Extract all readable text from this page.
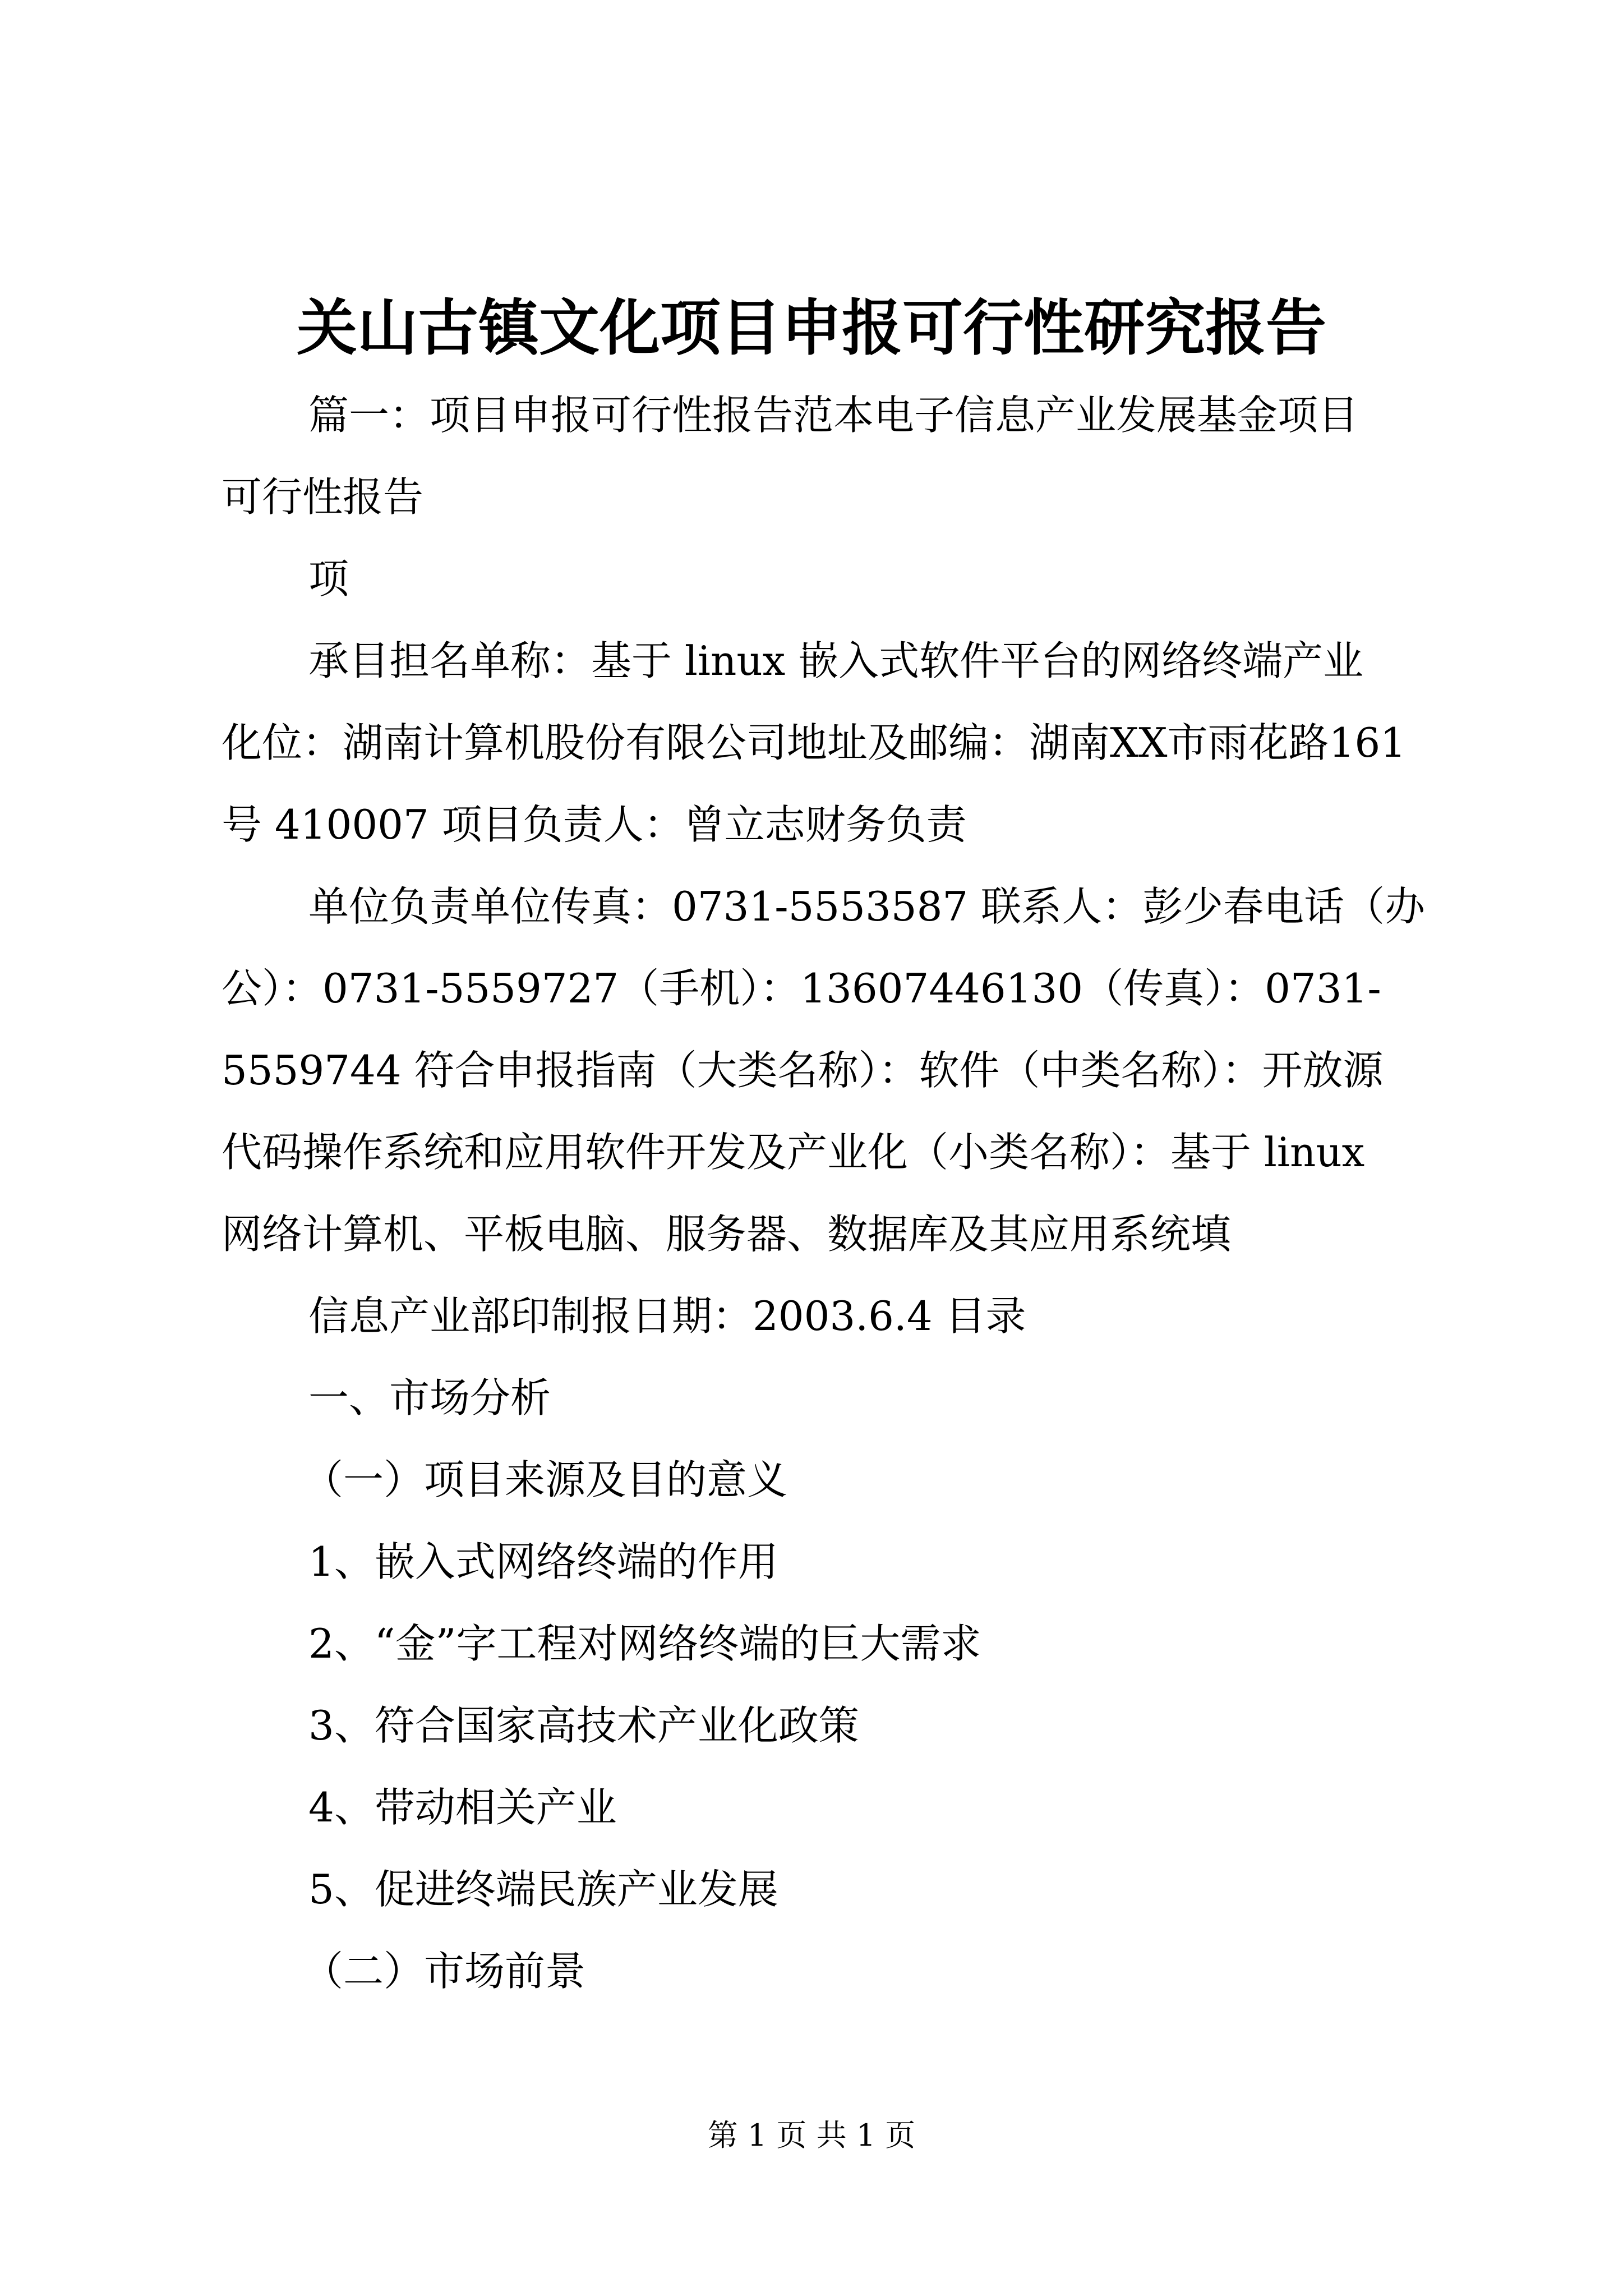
关山古镇文化项目申报可行性研究报告
篇一：项目申报可行性报告范本电子信息产业发展基金项目
可行性报告
项
承目担名单称：基于 linux 嵌入式软件平台的网络终端产业
化位：湖南计算机股份有限公司地址及邮编：湖南XX市雨花路161
号 410007 项目负责人：曾立志财务负责
单位负责单位传真：0731-5553587 联系人：彭少春电话（办
公）：0731-5559727（手机）：13607446130（传真）：0731-
5559744 符合申报指南（大类名称）：软件（中类名称）：开放源
代码操作系统和应用软件开发及产业化（小类名称）：基于 linux
网络计算机、平板电脑、服务器、数据库及其应用系统填
信息产业部印制报日期：2003.6.4 目录
一、市场分析
（一）项目来源及目的意义
1、嵌入式网络终端的作用
2、“金”字工程对网络终端的巨大需求
3、符合国家高技术产业化政策
4、带动相关产业
5、促进终端民族产业发展
（二）市场前景
第 1 页 共 1 页
